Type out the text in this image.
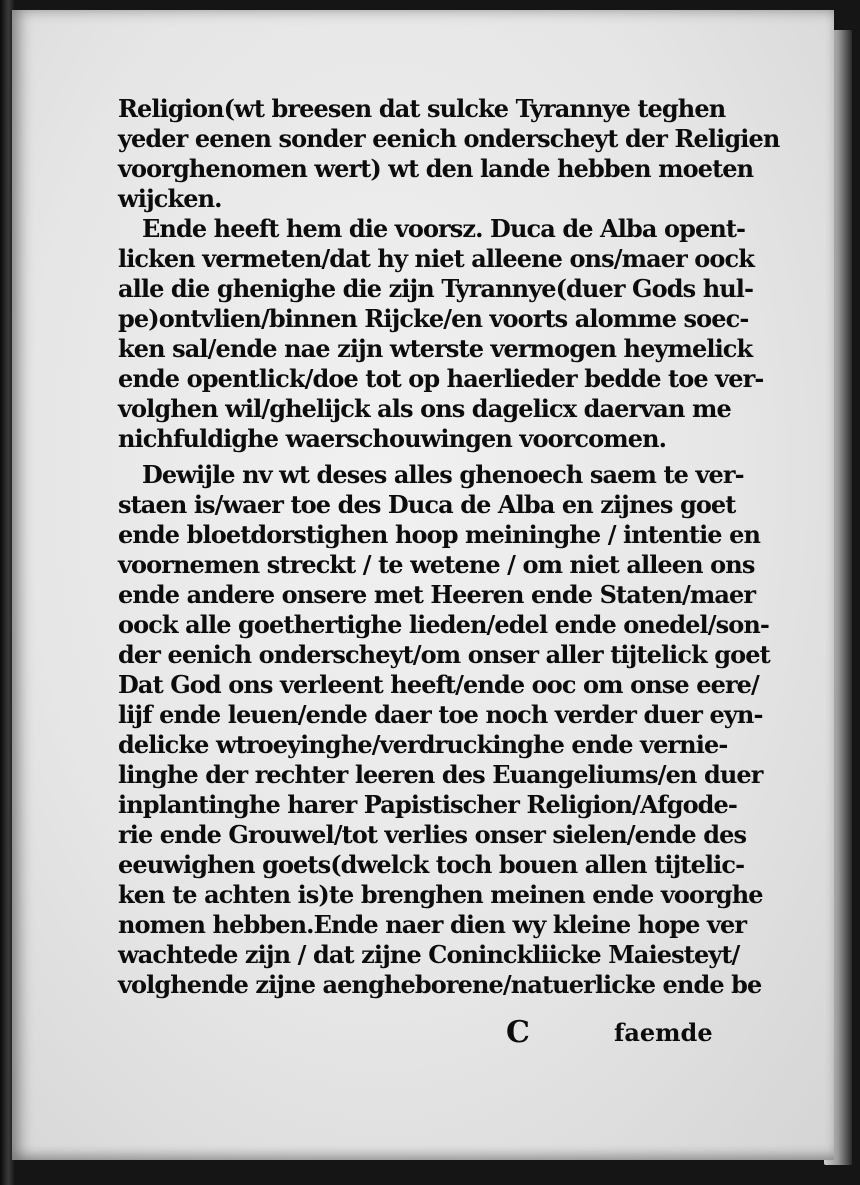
Religion(wt breesen dat sulcke Tyrannye teghen
yeder eenen sonder eenich onderscheyt der Religien
voorghenomen wert) wt den lande hebben moeten
wijcken.
Ende heeft hem die voorsz. Duca de Alba opent-
licken vermeten/dat hy niet alleene ons/maer oock
alle die ghenighe die zijn Tyrannye(duer Gods hul-
pe)ontvlien/binnen Rijcke/en voorts alomme soec-
ken sal/ende nae zijn wterste vermogen heymelick
ende opentlick/doe tot op haerlieder bedde toe ver-
volghen wil/ghelijck als ons dagelicx daervan me
nichfuldighe waerschouwingen voorcomen.
Dewijle nv wt deses alles ghenoech saem te ver-
staen is/waer toe des Duca de Alba en zijnes goet
ende bloetdorstighen hoop meininghe / intentie en
voornemen streckt / te wetene / om niet alleen ons
ende andere onsere met Heeren ende Staten/maer
oock alle goethertighe lieden/edel ende onedel/son-
der eenich onderscheyt/om onser aller tijtelick goet
Dat God ons verleent heeft/ende ooc om onse eere/
lijf ende leuen/ende daer toe noch verder duer eyn-
delicke wtroeyinghe/verdruckinghe ende vernie-
linghe der rechter leeren des Euangeliums/en duer
inplantinghe harer Papistischer Religion/Afgode-
rie ende Grouwel/tot verlies onser sielen/ende des
eeuwighen goets(dwelck toch bouen allen tijtelic-
ken te achten is)te brenghen meinen ende voorghe
nomen hebben.Ende naer dien wy kleine hope ver
wachtede zijn / dat zijne Coninckliicke Maiesteyt/
volghende zijne aengheborene/natuerlicke ende be
C	faemde
